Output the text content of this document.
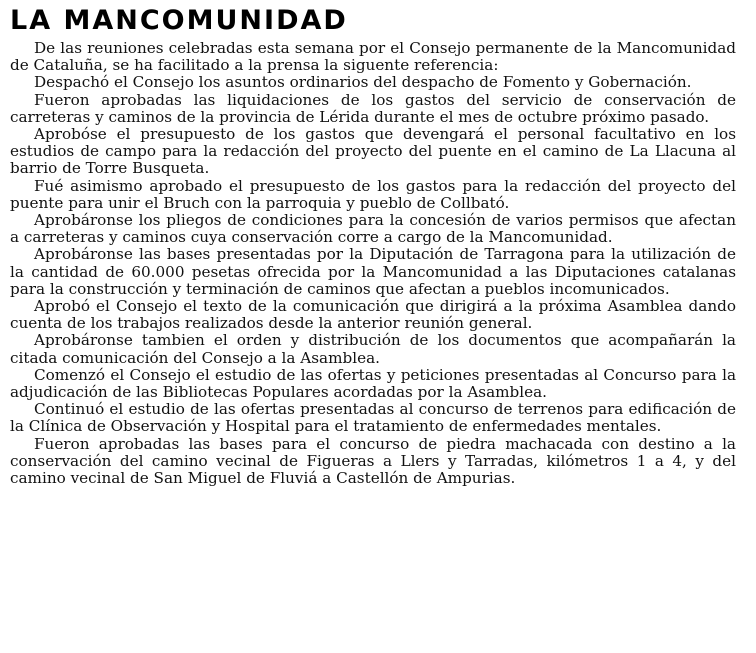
LA MANCOMUNIDAD

De las reuniones celebradas esta semana por el Consejo permanente de la Mancomunidad de Cataluña, se ha facilitado a la prensa la siguente referencia:

Despachó el Consejo los asuntos ordinarios del despacho de Fomento y Gobernación.

Fueron aprobadas las liquidaciones de los gastos del servicio de conservación de carreteras y caminos de la provincia de Lérida durante el mes de octubre próximo pasado.

Aprobóse el presupuesto de los gastos que devengará el personal facultativo en los estudios de campo para la redacción del proyecto del puente en el camino de La Llacuna al barrio de Torre Busqueta.

Fué asimismo aprobado el presupuesto de los gastos para la redacción del proyecto del puente para unir el Bruch con la parroquia y pueblo de Collbató.

Aprobáronse los pliegos de condiciones para la concesión de varios permisos que afectan a carreteras y caminos cuya conservación corre a cargo de la Mancomunidad.

Aprobáronse las bases presentadas por la Diputación de Tarragona para la utilización de la cantidad de 60.000 pesetas ofrecida por la Mancomunidad a las Diputaciones catalanas para la construcción y terminación de caminos que afectan a pueblos incomunicados.

Aprobó el Consejo el texto de la comunicación que dirigirá a la próxima Asamblea dando cuenta de los trabajos realizados desde la anterior reunión general.

Aprobáronse tambien el orden y distribución de los documentos que acompañarán la citada comunicación del Consejo a la Asamblea.

Comenzó el Consejo el estudio de las ofertas y peticiones presentadas al Concurso para la adjudicación de las Bibliotecas Populares acordadas por la Asamblea.

Continuó el estudio de las ofertas presentadas al concurso de terrenos para edificación de la Clínica de Observación y Hospital para el tratamiento de enfermedades mentales.

Fueron aprobadas las bases para el concurso de piedra machacada con destino a la conservación del camino vecinal de Figueras a Llers y Tarradas, kilómetros 1 a 4, y del camino vecinal de San Miguel de Fluviá a Castellón de Ampurias.
